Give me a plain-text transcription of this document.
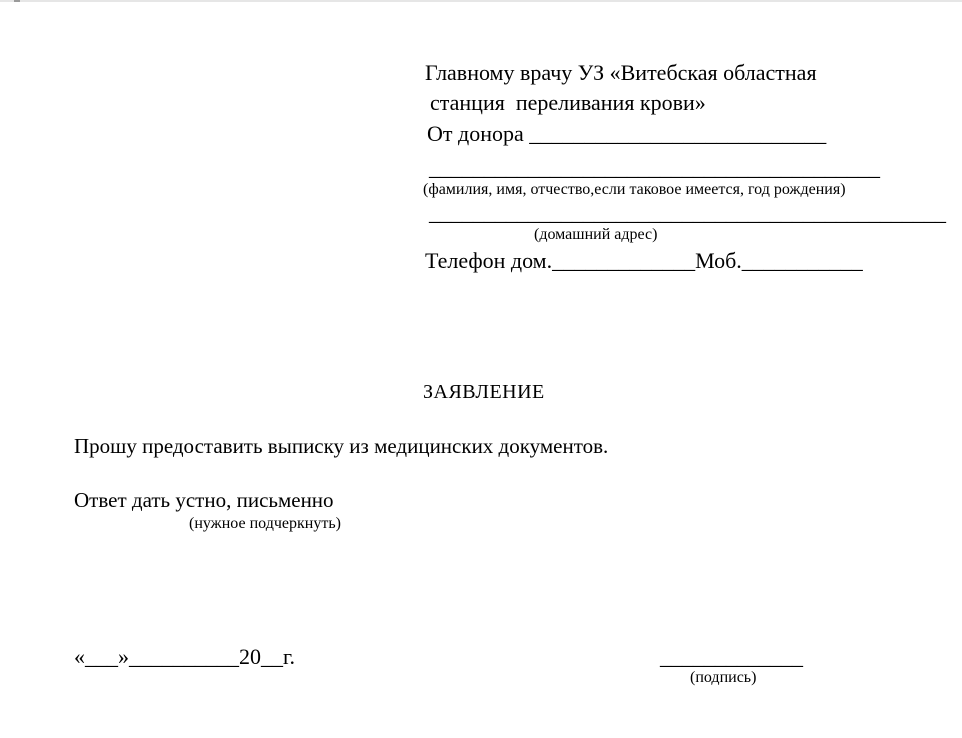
Главному врачу УЗ «Витебская областная
станция  переливания крови»
От донора ___________________________
_________________________________________
(фамилия, имя, отчество,если таковое имеется, год рождения)
_______________________________________________
(домашний адрес)
Телефон дом._____________Моб.___________
ЗАЯВЛЕНИЕ
Прошу предоставить выписку из медицинских документов.
Ответ дать устно, письменно
(нужное подчеркнуть)
«___»__________20__г.	_____________
(подпись)
